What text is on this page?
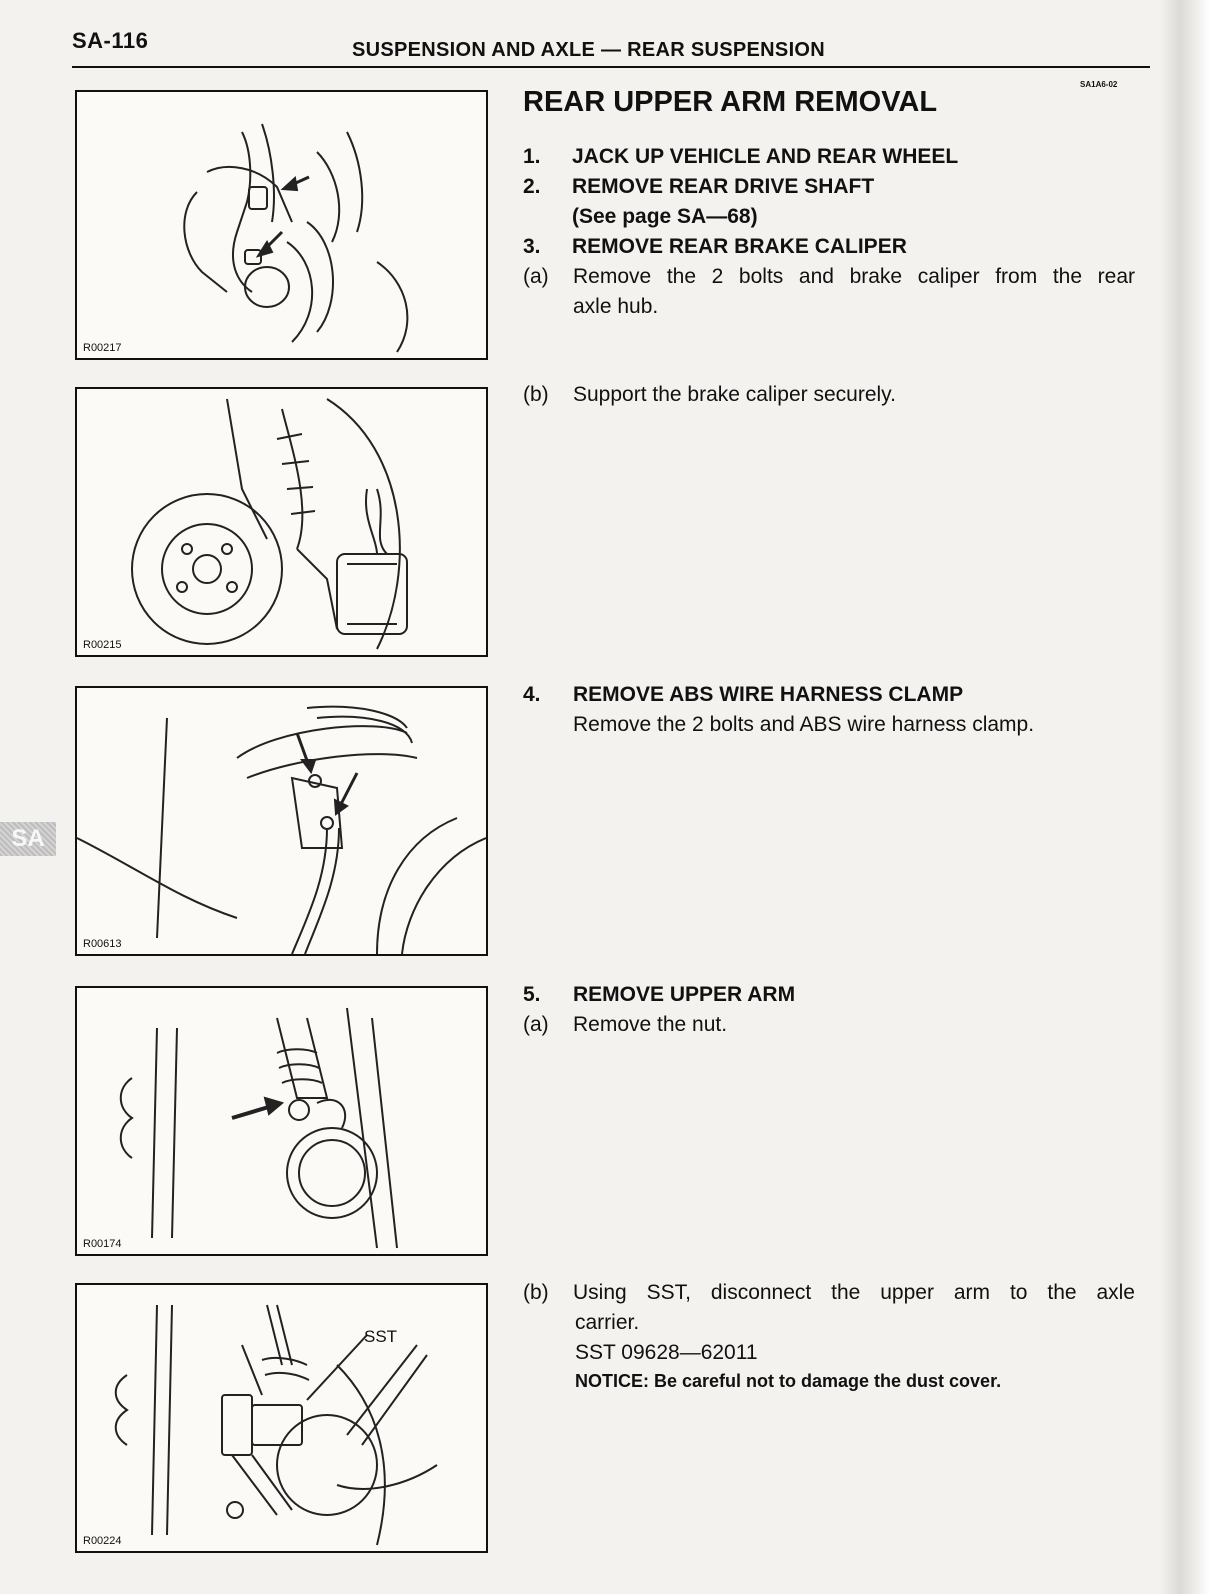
SA-116	SUSPENSION AND AXLE — REAR SUSPENSION
SA1A6-02
SA
R00217
R00215
R00613
R00174
SST
R00224
REAR UPPER ARM REMOVAL
1. JACK UP VEHICLE AND REAR WHEEL
2. REMOVE REAR DRIVE SHAFT
(See page SA—68)
3. REMOVE REAR BRAKE CALIPER
(a) Remove the 2 bolts and brake caliper from the rear
axle hub.
(b) Support the brake caliper securely.
4. REMOVE ABS WIRE HARNESS CLAMP
Remove the 2 bolts and ABS wire harness clamp.
5. REMOVE UPPER ARM
(a) Remove the nut.
(b) Using SST, disconnect the upper arm to the axle
carrier.
SST 09628—62011
NOTICE: Be careful not to damage the dust cover.
